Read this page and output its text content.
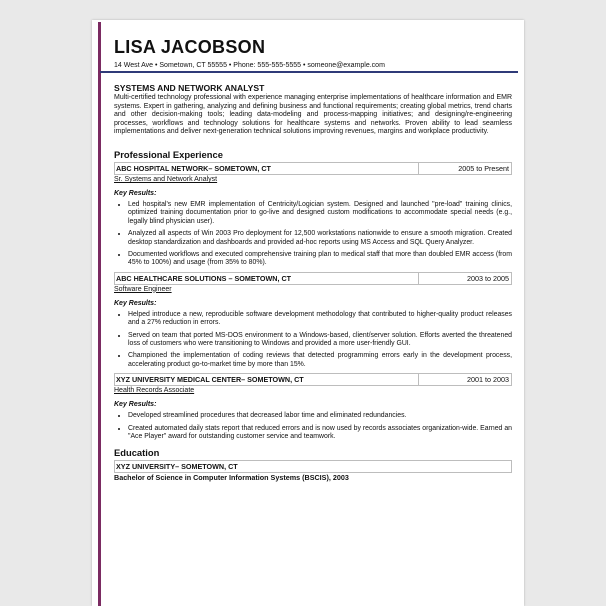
LISA JACOBSON
14 West Ave • Sometown, CT 55555 • Phone: 555-555-5555 • someone@example.com
SYSTEMS AND NETWORK ANALYST
Multi-certified technology professional with experience managing enterprise implementations of healthcare information and EMR systems. Expert in gathering, analyzing and defining business and functional requirements; creating global metrics, trend charts and other decision-making tools; leading data-modeling and process-mapping initiatives; and designing/re-engineering processes, workflows and technology solutions for healthcare systems and networks. Proven ability to lead seamless implementations and deliver next-generation technical solutions improving revenues, margins and workplace productivity.
Professional Experience
ABC HOSPITAL NETWORK– SOMETOWN, CT	2005 to Present
Sr. Systems and Network Analyst
Key Results:
• Led hospital's new EMR implementation of Centricity/Logician system. Designed and launched "pre-load" training clinics, optimized training documentation prior to go-live and designed custom modifications to accommodate special needs (e.g., legally blind physician user).
• Analyzed all aspects of Win 2003 Pro deployment for 12,500 workstations nationwide to ensure a smooth migration. Created desktop standardization and dashboards and provided ad-hoc reports using MS Access and SQL Query Analyzer.
• Documented workflows and executed comprehensive training plan to medical staff that more than doubled EMR access (from 45% to 100%) and usage (from 35% to 80%).
ABC HEALTHCARE SOLUTIONS – SOMETOWN, CT	2003 to 2005
Software Engineer
Key Results:
• Helped introduce a new, reproducible software development methodology that contributed to higher-quality product releases and a 27% reduction in errors.
• Served on team that ported MS-DOS environment to a Windows-based, client/server solution. Efforts averted the threatened loss of customers who were transitioning to Windows and provided a more user-friendly GUI.
• Championed the implementation of coding reviews that detected programming errors early in the development process, accelerating product go-to-market time by more than 15%.
XYZ UNIVERSITY MEDICAL CENTER– SOMETOWN, CT	2001 to 2003
Health Records Associate
Key Results:
• Developed streamlined procedures that decreased labor time and eliminated redundancies.
• Created automated daily stats report that reduced errors and is now used by records associates organization-wide. Earned an "Ace Player" award for outstanding customer service and teamwork.
Education
XYZ UNIVERSITY– SOMETOWN, CT
Bachelor of Science in Computer Information Systems (BSCIS), 2003
